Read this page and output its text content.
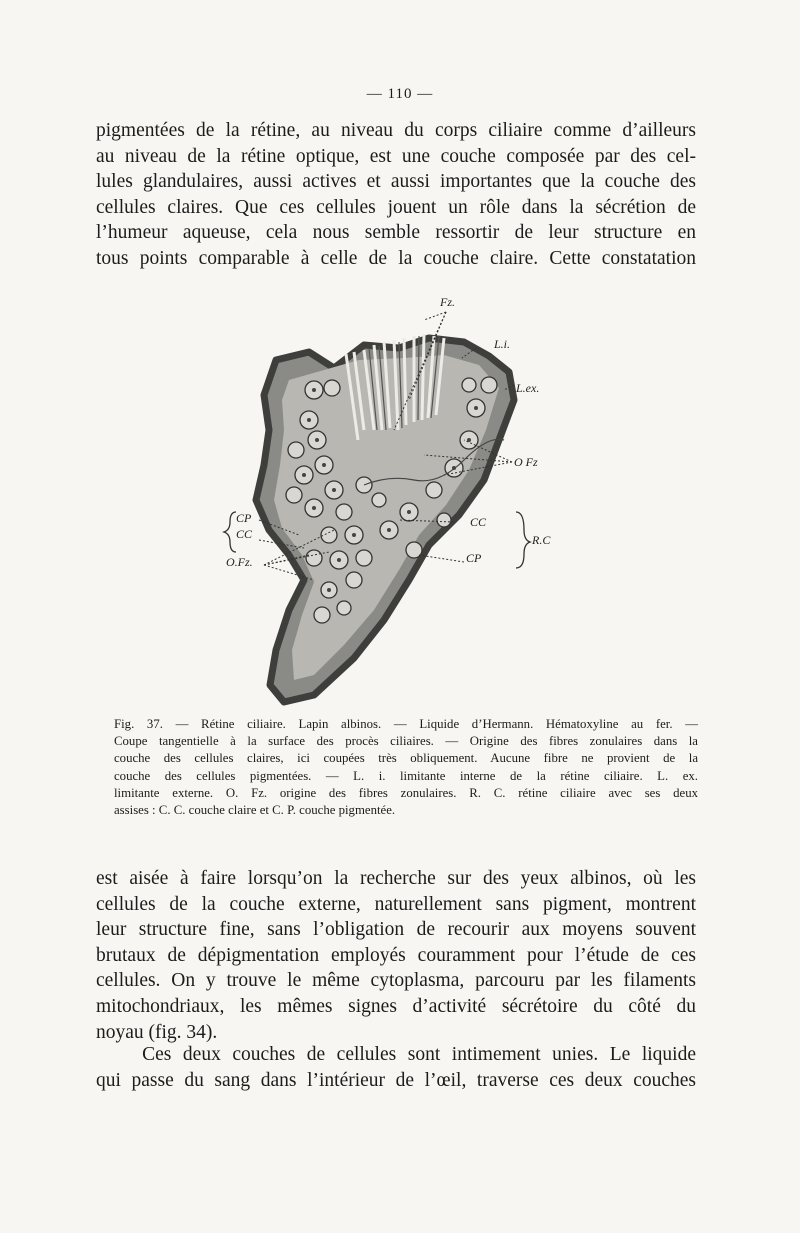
— 110 —

pigmentées de la rétine, au niveau du corps ciliaire comme d’ailleurs
au niveau de la rétine optique, est une couche composée par des cel-
lules glandulaires, aussi actives et aussi importantes que la couche des
cellules claires. Que ces cellules jouent un rôle dans la sécrétion de
l’humeur aqueuse, cela nous semble ressortir de leur structure en
tous points comparable à celle de la couche claire. Cette constatation

Fz.
L.i.
L.ex.
O Fz
CC
R.C
CP
CP
CC
O.Fz.

Fig. 37. — Rétine ciliaire. Lapin albinos. — Liquide d’Hermann. Hématoxyline au fer. —
Coupe tangentielle à la surface des procès ciliaires. — Origine des fibres zonulaires dans la
couche des cellules claires, ici coupées très obliquement. Aucune fibre ne provient de la
couche des cellules pigmentées. — L. i. limitante interne de la rétine ciliaire. L. ex.
limitante externe. O. Fz. origine des fibres zonulaires. R. C. rétine ciliaire avec ses deux
assises : C. C. couche claire et C. P. couche pigmentée.

est aisée à faire lorsqu’on la recherche sur des yeux albinos, où les
cellules de la couche externe, naturellement sans pigment, montrent
leur structure fine, sans l’obligation de recourir aux moyens souvent
brutaux de dépigmentation employés couramment pour l’étude de ces
cellules. On y trouve le même cytoplasma, parcouru par les filaments
mitochondriaux, les mêmes signes d’activité sécrétoire du côté du
noyau (fig. 34).

Ces deux couches de cellules sont intimement unies. Le liquide
qui passe du sang dans l’intérieur de l’œil, traverse ces deux couches
